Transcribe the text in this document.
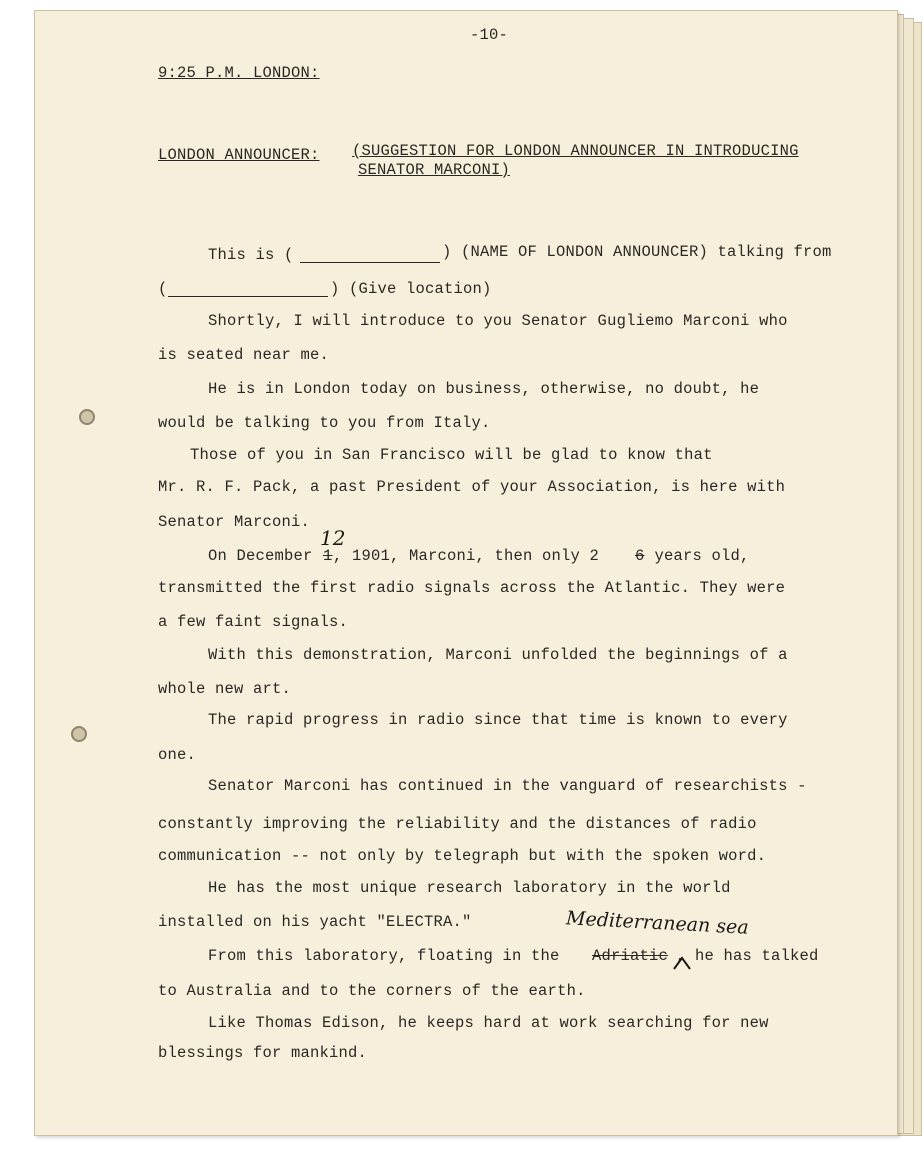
-10-
9:25 P.M. LONDON:
LONDON ANNOUNCER: (SUGGESTION FOR LONDON ANNOUNCER IN INTRODUCING
SENATOR MARCONI)
This is (	) (NAME OF LONDON ANNOUNCER) talking from
(	) (Give location)
Shortly, I will introduce to you Senator Gugliemo Marconi who
is seated near me.
He is in London today on business, otherwise, no doubt, he
would be talking to you from Italy.
Those of you in San Francisco will be glad to know that
Mr. R. F. Pack, a past President of your Association, is here with
Senator Marconi.
On December 1 , 1901, Marconi, then only 2 6 years old,
12
transmitted the first radio signals across the Atlantic. They were
a few faint signals.
With this demonstration, Marconi unfolded the beginnings of a
whole new art.
The rapid progress in radio since that time is known to every
one.
Senator Marconi has continued in the vanguard of researchists -
constantly improving the reliability and the distances of radio
communication -- not only by telegraph but with the spoken word.
He has the most unique research laboratory in the world
installed on his yacht "ELECTRA."	Mediterranean sea
From this laboratory, floating in the Adriatic , he has talked
to Australia and to the corners of the earth.
Like Thomas Edison, he keeps hard at work searching for new
blessings for mankind.
